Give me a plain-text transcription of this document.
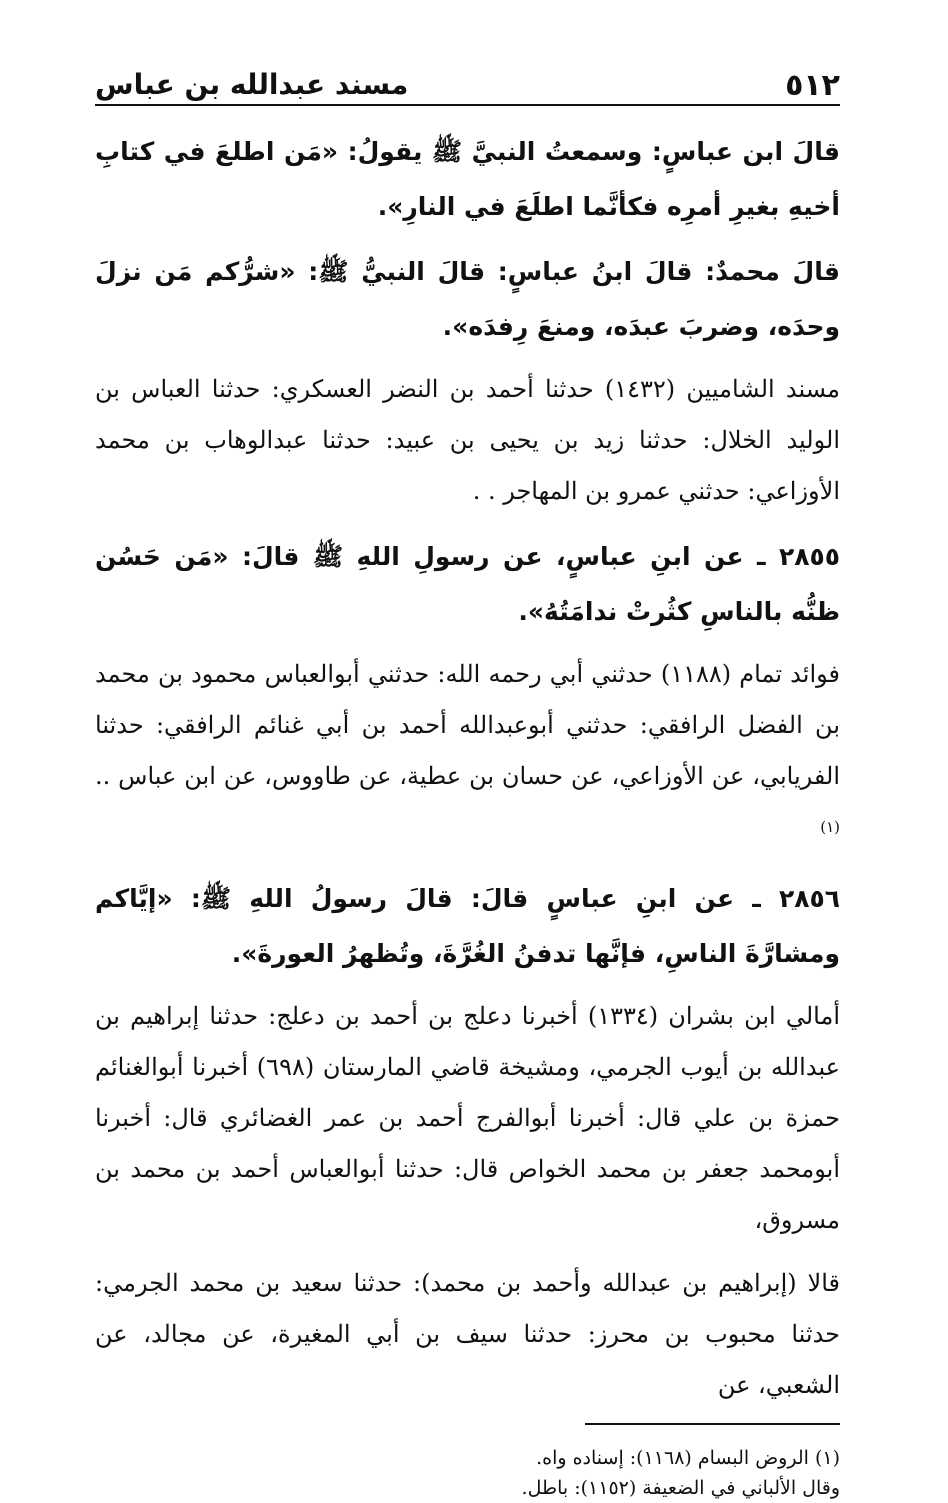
٥١٢
مسند عبدالله بن عباس

قالَ ابن عباسٍ: وسمعتُ النبيَّ ﷺ يقولُ: «مَن اطلعَ في كتابِ أخيهِ بغيرِ أمرِه فكأنَّما اطلَعَ في النارِ».

قالَ محمدٌ: قالَ ابنُ عباسٍ: قالَ النبيُّ ﷺ: «شرُّكم مَن نزلَ وحدَه، وضربَ عبدَه، ومنعَ رِفدَه».

مسند الشاميين (١٤٣٢) حدثنا أحمد بن النضر العسكري: حدثنا العباس بن الوليد الخلال: حدثنا زيد بن يحيى بن عبيد: حدثنا عبدالوهاب بن محمد الأوزاعي: حدثني عمرو بن المهاجر . .

٢٨٥٥ ـ عن ابنِ عباسٍ، عن رسولِ اللهِ ﷺ قالَ: «مَن حَسُن ظنُّه بالناسِ كثُرتْ ندامَتُهُ».

فوائد تمام (١١٨٨) حدثني أبي رحمه الله: حدثني أبوالعباس محمود بن محمد بن الفضل الرافقي: حدثني أبوعبدالله أحمد بن أبي غنائم الرافقي: حدثنا الفريابي، عن الأوزاعي، عن حسان بن عطية، عن طاووس، عن ابن عباس .. $^{(١)}$

٢٨٥٦ ـ عن ابنِ عباسٍ قالَ: قالَ رسولُ اللهِ ﷺ: «إيَّاكم ومشارَّةَ الناسِ، فإنَّها تدفنُ الغُرَّةَ، وتُظهرُ العورةَ».

أمالي ابن بشران (١٣٣٤) أخبرنا دعلج بن أحمد بن دعلج: حدثنا إبراهيم بن عبدالله بن أيوب الجرمي، ومشيخة قاضي المارستان (٦٩٨) أخبرنا أبوالغنائم حمزة بن علي قال: أخبرنا أبوالفرج أحمد بن عمر الغضائري قال: أخبرنا أبومحمد جعفر بن محمد الخواص قال: حدثنا أبوالعباس أحمد بن محمد بن مسروق،

قالا (إبراهيم بن عبدالله وأحمد بن محمد): حدثنا سعيد بن محمد الجرمي: حدثنا محبوب بن محرز: حدثنا سيف بن أبي المغيرة، عن مجالد، عن الشعبي، عن

(١) الروض البسام (١١٦٨): إسناده واه.

وقال الألباني في الضعيفة (١١٥٢): باطل.
